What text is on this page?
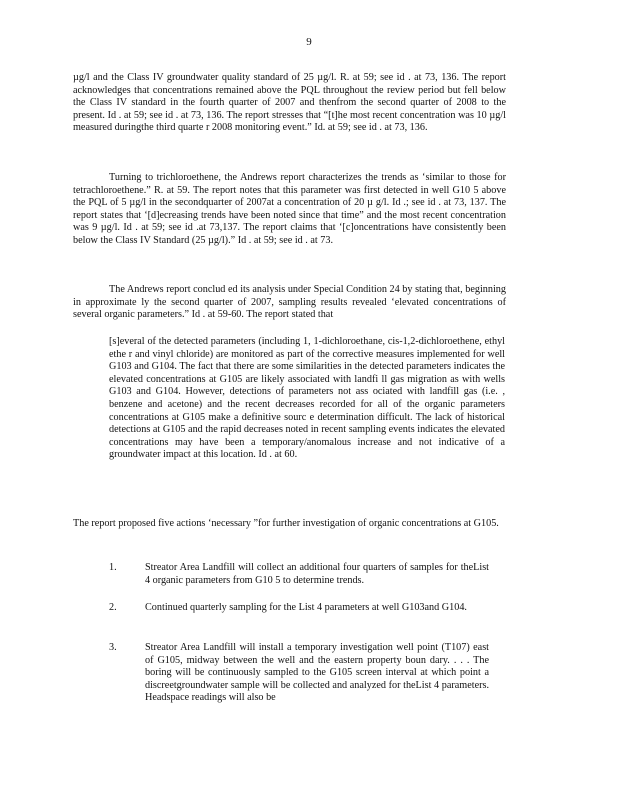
9

µg/l and the Class IV groundwater quality standard of 25 µg/l. R. at 59; see id . at 73, 136. The report acknowledges that concentrations remained above the PQL throughout the review period but fell below the Class IV standard in the fourth quarter of 2007 and thenfrom the second quarter of 2008 to the present. Id . at 59; see id . at 73, 136. The report stresses that “[t]he most recent concentration was 10 µg/l measured duringthe third quarte r 2008 monitoring event.” Id. at 59; see id . at 73, 136.

Turning to trichloroethene, the Andrews report characterizes the trends as ‘similar to those for tetrachloroethene.” R. at 59. The report notes that this parameter was first detected in well G10 5 above the PQL of 5 µg/l in the secondquarter of 2007at a concentration of 20 µ g/l. Id .; see id . at 73, 137. The report states that ‘[d]ecreasing trends have been noted since that time” and the most recent concentration was 9 µg/l. Id . at 59; see id .at 73,137. The report claims that ‘[c]oncentrations have consistently been below the Class IV Standard (25 µg/l).” Id . at 59; see id . at 73.

The Andrews report conclud ed its analysis under Special Condition 24 by stating that, beginning in approximate ly the second quarter of 2007, sampling results revealed ‘elevated concentrations of several organic parameters.” Id . at 59-60. The report stated that

[s]everal of the detected parameters (including 1, 1-dichloroethane, cis-1,2-dichloroethene, ethyl ethe r and vinyl chloride) are monitored as part of the corrective measures implemented for well G103 and G104. The fact that there are some similarities in the detected parameters indicates the elevated concentrations at G105 are likely associated with landfi ll gas migration as with wells G103 and G104. However, detections of parameters not ass ociated with landfill gas (i.e. , benzene and acetone) and the recent decreases recorded for all of the organic parameters concentrations at G105 make a definitive sourc e determination difficult. The lack of historical detections at G105 and the rapid decreases noted in recent sampling events indicates the elevated concentrations may have been a temporary/anomalous increase and not indicative of a groundwater impact at this location. Id . at 60.

The report proposed five actions ‘necessary ”for further investigation of organic concentrations at G105.

1.	Streator Area Landfill will collect an additional four quarters of samples for theList 4 organic parameters from G10 5 to determine trends.

2.	Continued quarterly sampling for the List 4 parameters at well G103and G104.

3.	Streator Area Landfill will install a temporary investigation well point (T107) east of G105, midway between the well and the eastern property boun dary. . . . The boring will be continuously sampled to the G105 screen interval at which point a discreetgroundwater sample will be collected and analyzed for theList 4 parameters. Headspace readings will also be
